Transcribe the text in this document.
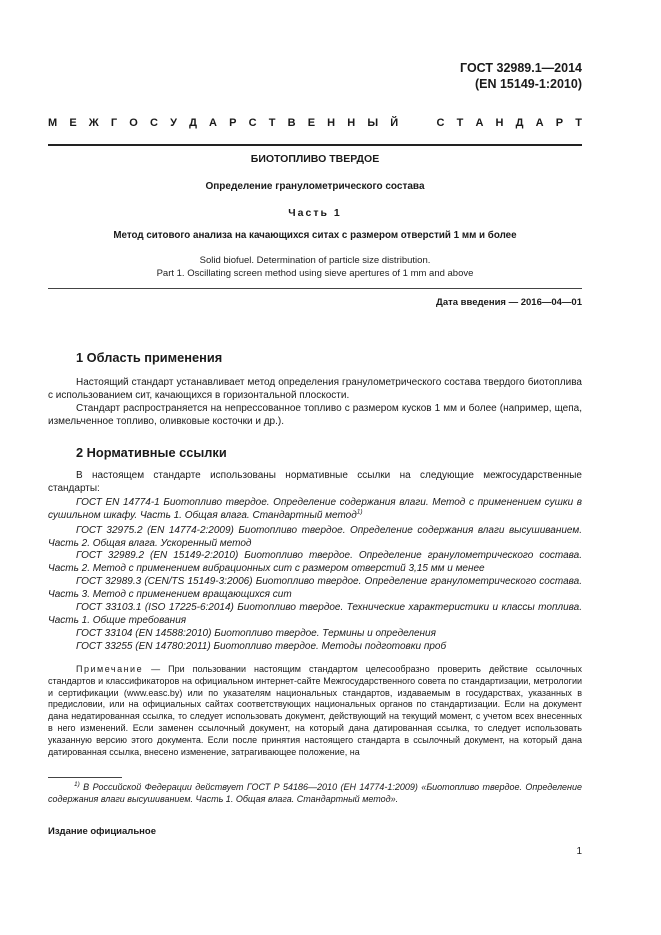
ГОСТ 32989.1—2014
(EN 15149-1:2010)
М Е Ж Г О С У Д А Р С Т В Е Н Н Ы Й	С Т А Н Д А Р Т
БИОТОПЛИВО ТВЕРДОЕ
Определение гранулометрического состава
Часть 1
Метод ситового анализа на качающихся ситах с размером отверстий 1 мм и более
Solid biofuel. Determination of particle size distribution.
Part 1. Oscillating screen method using sieve apertures of 1 mm and above
Дата введения — 2016—04—01
1 Область применения
Настоящий стандарт устанавливает метод определения гранулометрического состава твердого биотоплива с использованием сит, качающихся в горизонтальной плоскости.
Стандарт распространяется на непрессованное топливо с размером кусков 1 мм и более (например, щепа, измельченное топливо, оливковые косточки и др.).
2 Нормативные ссылки
В настоящем стандарте использованы нормативные ссылки на следующие межгосударственные стандарты:
ГОСТ EN 14774-1 Биотопливо твердое. Определение содержания влаги. Метод с применением сушки в сушильном шкафу. Часть 1. Общая влага. Стандартный метод$^{1)}$
ГОСТ 32975.2 (EN 14774-2:2009) Биотопливо твердое. Определение содержания влаги высушиванием. Часть 2. Общая влага. Ускоренный метод
ГОСТ 32989.2 (EN 15149-2:2010) Биотопливо твердое. Определение гранулометрического состава. Часть 2. Метод с применением вибрационных сит с размером отверстий 3,15 мм и менее
ГОСТ 32989.3 (CEN/TS 15149-3:2006) Биотопливо твердое. Определение гранулометрического состава. Часть 3. Метод с применением вращающихся сит
ГОСТ 33103.1 (ISO 17225-6:2014) Биотопливо твердое. Технические характеристики и классы топлива. Часть 1. Общие требования
ГОСТ 33104 (EN 14588:2010) Биотопливо твердое. Термины и определения
ГОСТ 33255 (EN 14780:2011) Биотопливо твердое. Методы подготовки проб
Примечание — При пользовании настоящим стандартом целесообразно проверить действие ссылочных стандартов и классификаторов на официальном интернет-сайте Межгосударственного совета по стандартизации, метрологии и сертификации (www.easc.by) или по указателям национальных стандартов, издаваемым в государствах, указанных в предисловии, или на официальных сайтах соответствующих национальных органов по стандартизации. Если на документ дана недатированная ссылка, то следует использовать документ, действующий на текущий момент, с учетом всех внесенных в него изменений. Если заменен ссылочный документ, на который дана датированная ссылка, то следует использовать указанную версию этого документа. Если после принятия настоящего стандарта в ссылочный документ, на который дана датированная ссылка, внесено изменение, затрагивающее положение, на
$^{1)}$ В Российской Федерации действует ГОСТ Р 54186—2010 (ЕН 14774-1:2009) «Биотопливо твердое. Определение содержания влаги высушиванием. Часть 1. Общая влага. Стандартный метод».
Издание официальное
1
